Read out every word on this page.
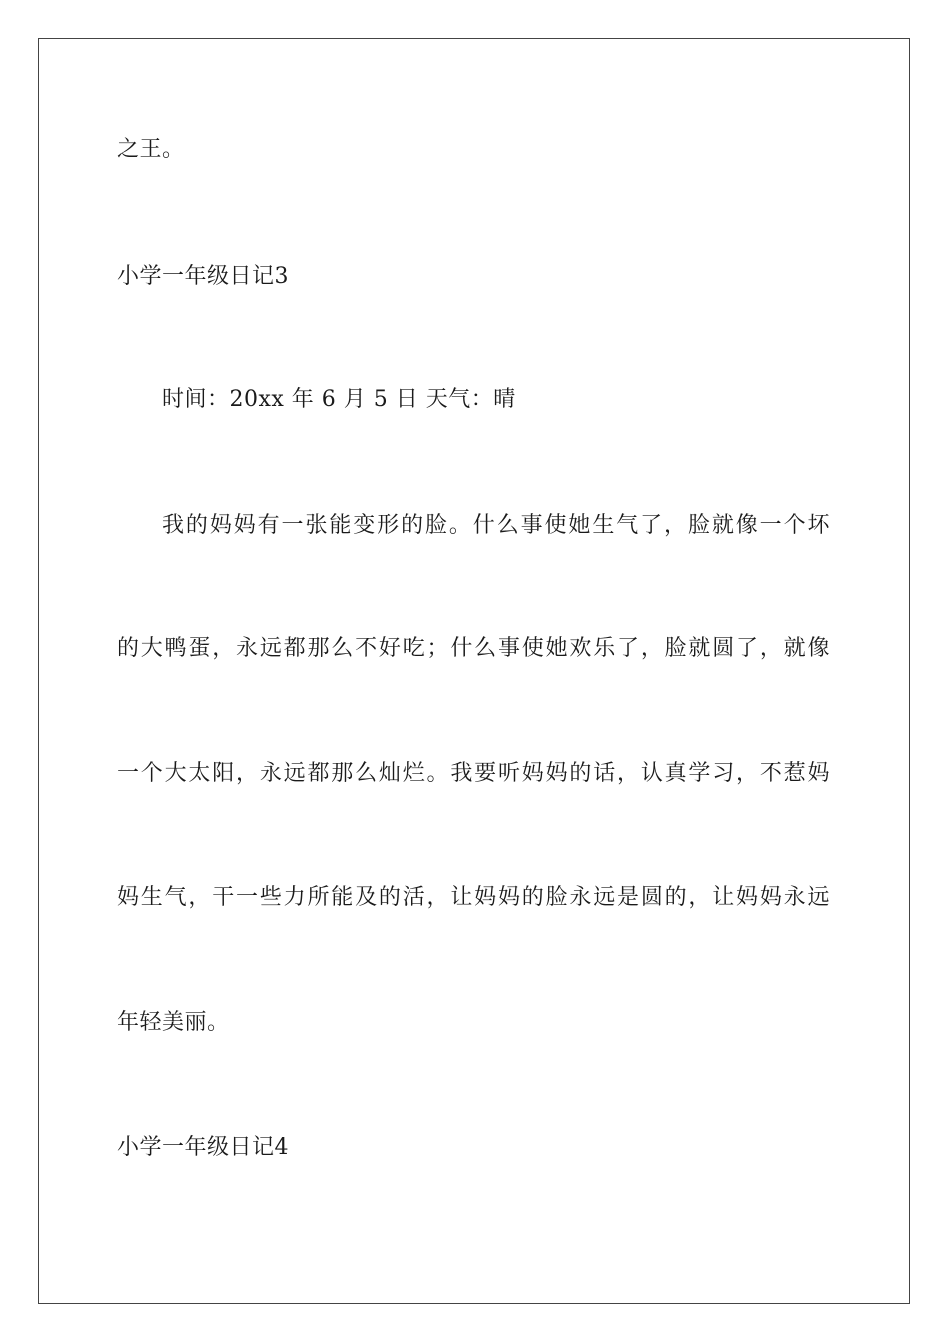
之王。
小学一年级日记3
时间：20xx 年 6 月 5 日 天气：晴
我的妈妈有一张能变形的脸。什么事使她生气了，脸就像一个坏
的大鸭蛋，永远都那么不好吃；什么事使她欢乐了，脸就圆了，就像
一个大太阳，永远都那么灿烂。我要听妈妈的话，认真学习，不惹妈
妈生气，干一些力所能及的活，让妈妈的脸永远是圆的，让妈妈永远
年轻美丽。
小学一年级日记4
